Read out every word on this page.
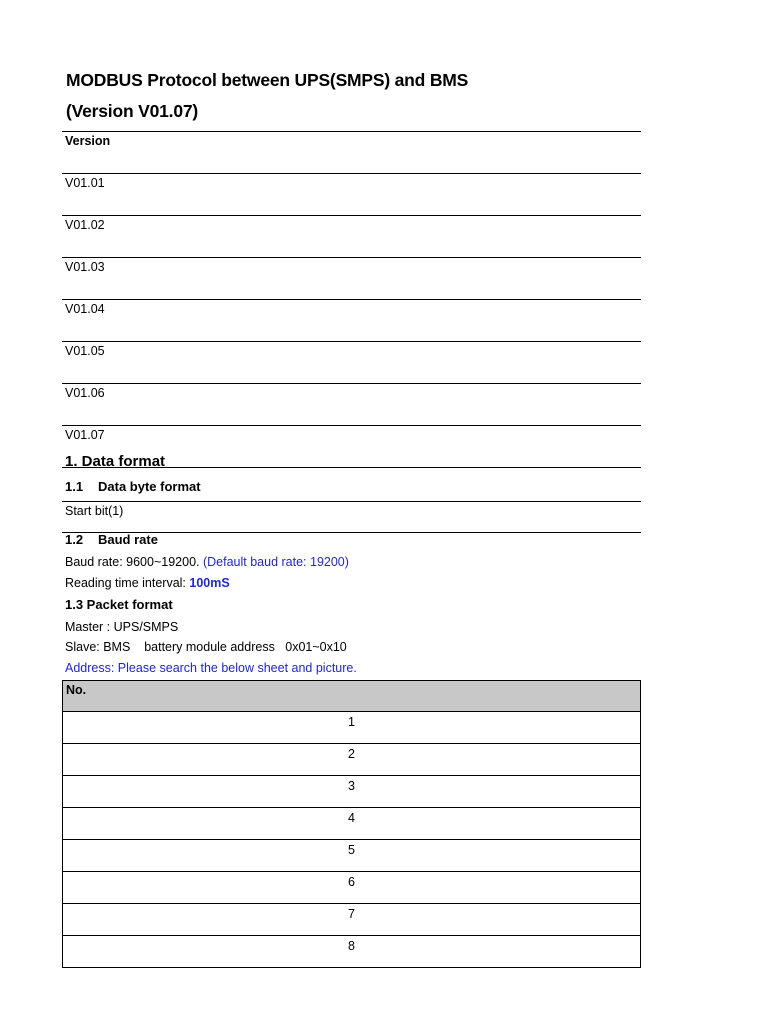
MODBUS Protocol between UPS(SMPS) and BMS
(Version V01.07)
Version
V01.01
V01.02
V01.03
V01.04
V01.05
V01.06
V01.07
1. Data format
1.1 Data byte format
Start bit(1)
1.2 Baud rate
Baud rate: 9600~19200. (Default baud rate: 19200)
Reading time interval: 100mS
1.3 Packet format
Master : UPS/SMPS
Slave: BMS    battery module address   0x01~0x10
Address: Please search the below sheet and picture.
No.
1
2
3
4
5
6
7
8
